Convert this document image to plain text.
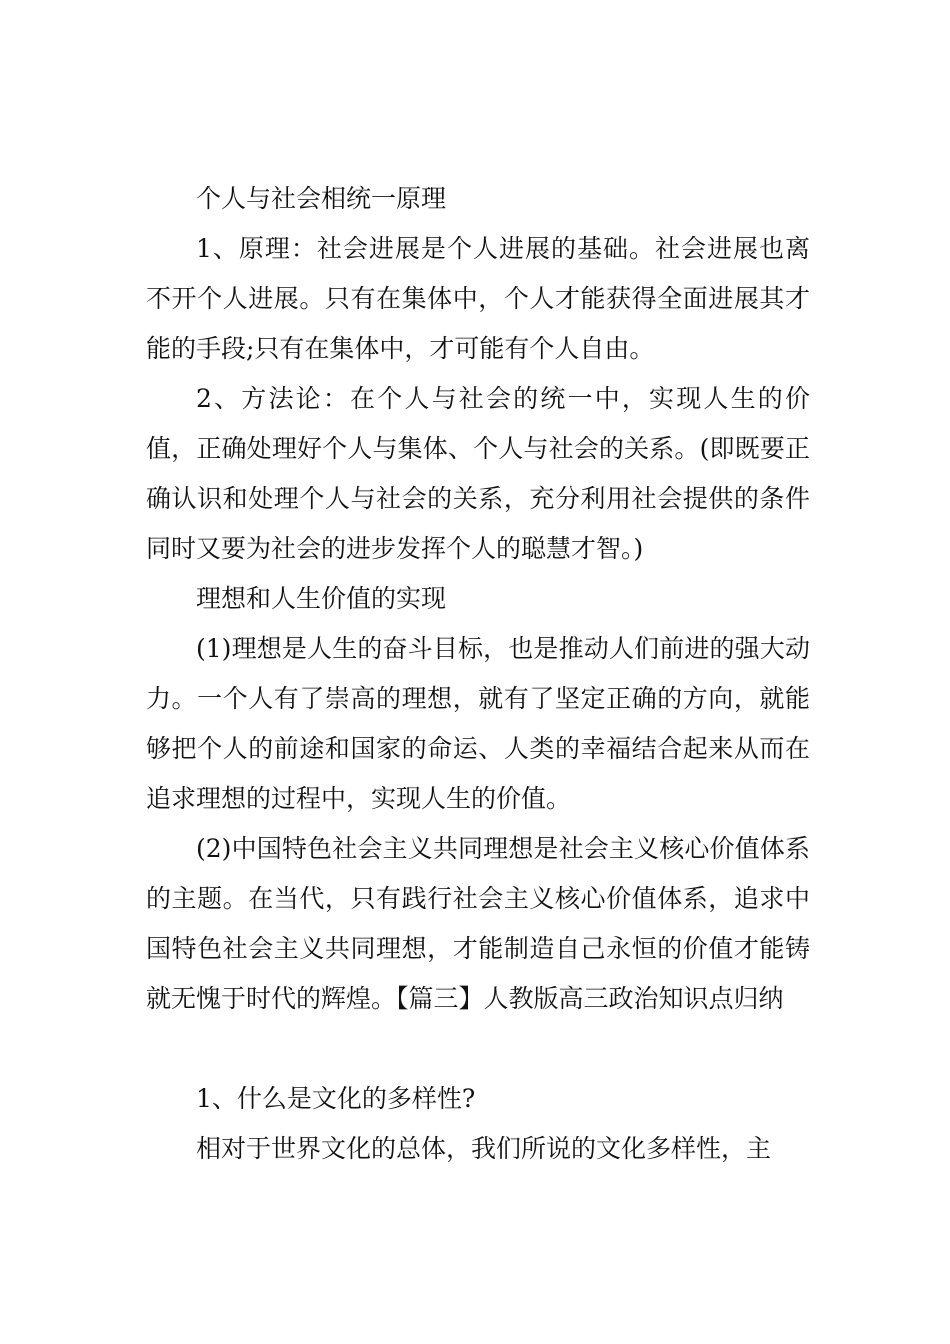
个人与社会相统一原理

1、原理：社会进展是个人进展的基础。社会进展也离不开个人进展。只有在集体中，个人才能获得全面进展其才能的手段;只有在集体中，才可能有个人自由。

2、方法论：在个人与社会的统一中，实现人生的价值，正确处理好个人与集体、个人与社会的关系。(即既要正确认识和处理个人与社会的关系，充分利用社会提供的条件同时又要为社会的进步发挥个人的聪慧才智。)

理想和人生价值的实现

(1)理想是人生的奋斗目标，也是推动人们前进的强大动力。一个人有了崇高的理想，就有了坚定正确的方向，就能够把个人的前途和国家的命运、人类的幸福结合起来从而在追求理想的过程中，实现人生的价值。

(2)中国特色社会主义共同理想是社会主义核心价值体系的主题。在当代，只有践行社会主义核心价值体系，追求中国特色社会主义共同理想，才能制造自己永恒的价值才能铸就无愧于时代的辉煌。【篇三】人教版高三政治知识点归纳

1、什么是文化的多样性?

相对于世界文化的总体，我们所说的文化多样性，主
